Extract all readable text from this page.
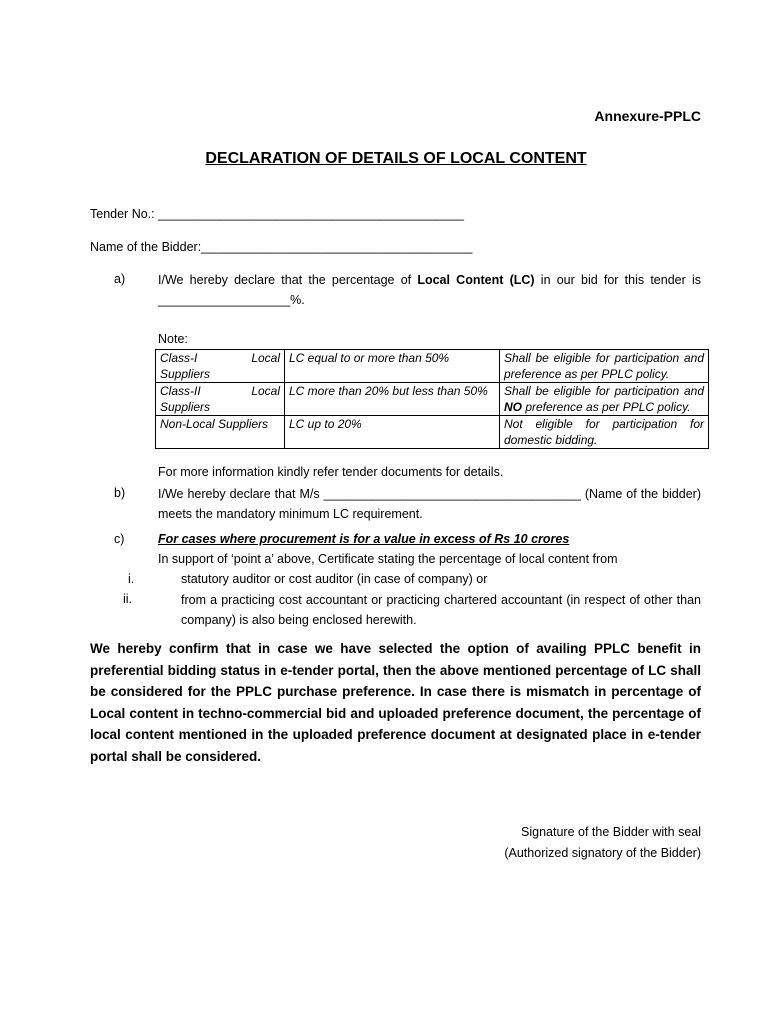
Annexure-PPLC
DECLARATION OF DETAILS OF LOCAL CONTENT
Tender No.: ____________________________________________
Name of the Bidder:_______________________________________
a)	I/We hereby declare that the percentage of Local Content (LC) in our bid for this tender is ___________________%.
Note:
Class-I Local
Suppliers	LC equal to or more than 50%	Shall be eligible for participation and preference as per PPLC policy.

Class-II Local
Suppliers	LC more than 20% but less than 50%	Shall be eligible for participation and NO preference as per PPLC policy.
Non-Local Suppliers	LC up to 20%	Not eligible for participation for domestic bidding.
For more information kindly refer tender documents for details.
b)	I/We hereby declare that M/s _____________________________________ (Name of the bidder) meets the mandatory minimum LC requirement.
c)	For cases where procurement is for a value in excess of Rs 10 crores
In support of ‘point a’ above, Certificate stating the percentage of local content from
i.	statutory auditor or cost auditor (in case of company) or
ii.	from a practicing cost accountant or practicing chartered accountant (in respect of other than company) is also being enclosed herewith.
We hereby confirm that in case we have selected the option of availing PPLC benefit in preferential bidding status in e-tender portal, then the above mentioned percentage of LC shall be considered for the PPLC purchase preference. In case there is mismatch in percentage of Local content in techno-commercial bid and uploaded preference document, the percentage of local content mentioned in the uploaded preference document at designated place in e-tender portal shall be considered.
Signature of the Bidder with seal
(Authorized signatory of the Bidder)
